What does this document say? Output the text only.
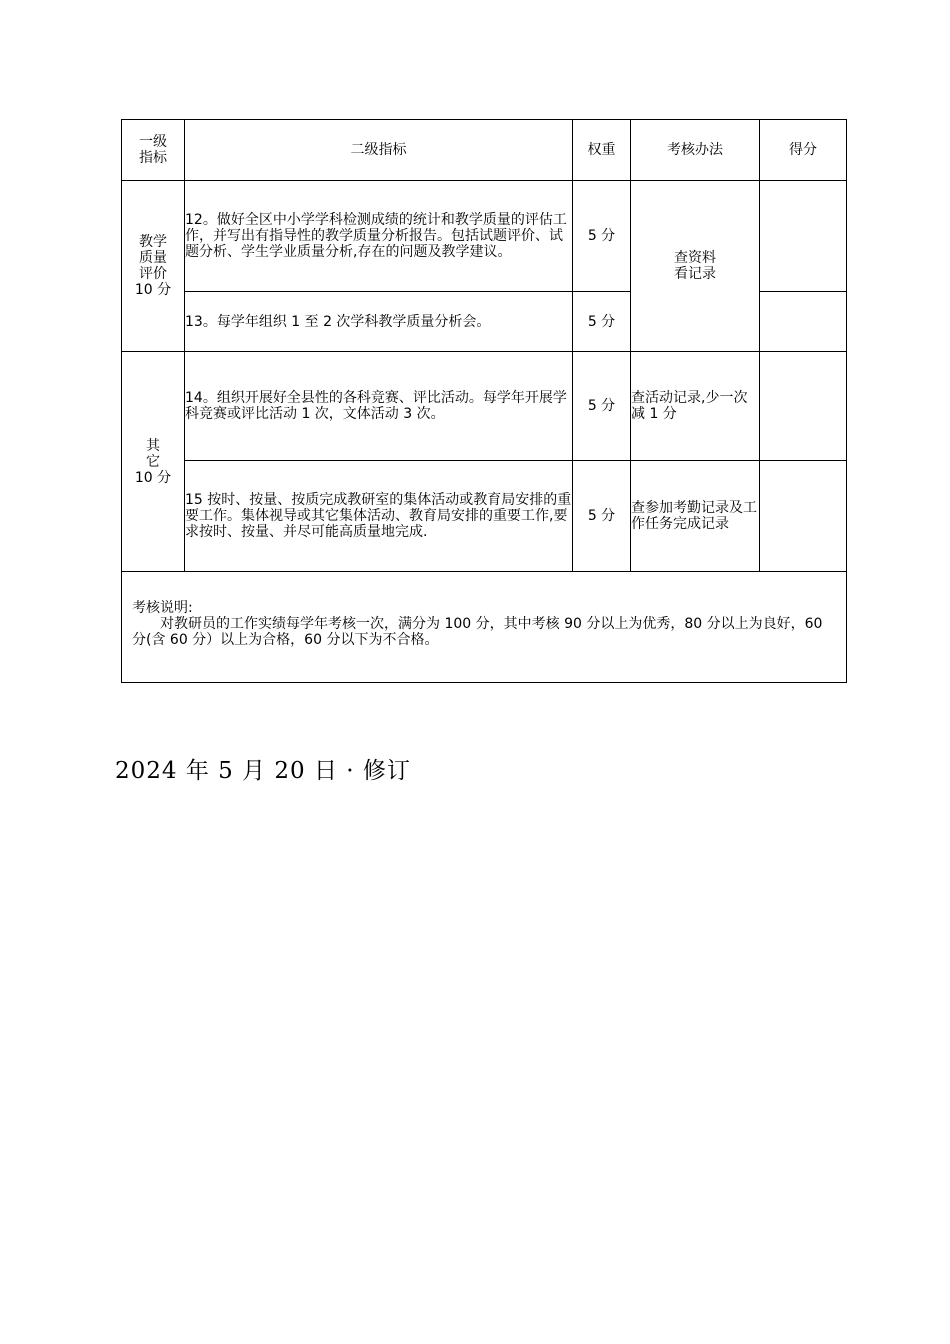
一级
指标	二级指标	权重	考核办法	得分
教学
质量
评价
10 分	12。做好全区中小学学科检测成绩的统计和教学质量的评估工作，并写出有指导性的教学质量分析报告。包括试题评价、试题分析、学生学业质量分析,存在的问题及教学建议。	5 分	查资料
看记录	
	13。每学年组织 1 至 2 次学科教学质量分析会。	5 分		
其
它
10 分	14。组织开展好全县性的各科竞赛、评比活动。每学年开展学科竞赛或评比活动 1 次，文体活动 3 次。	5 分	查活动记录,少一次减 1 分	
	15 按时、按量、按质完成教研室的集体活动或教育局安排的重要工作。集体视导或其它集体活动、教育局安排的重要工作,要求按时、按量、并尽可能高质量地完成.	5 分	查参加考勤记录及工作任务完成记录	

考核说明:
对教研员的工作实绩每学年考核一次，满分为 100 分，其中考核 90 分以上为优秀，80 分以上为良好，60 分(含 60 分）以上为合格，60 分以下为不合格。				
2024 年 5 月 20 日 · 修订
